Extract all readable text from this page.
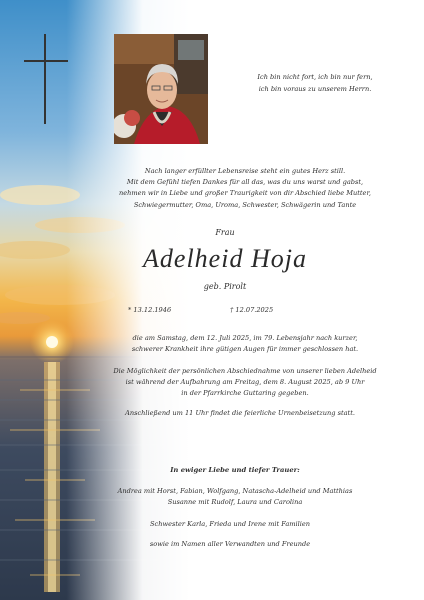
Ich bin nicht fort, ich bin nur fern,
ich bin voraus zu unserem Herrn.
Nach langer erfüllter Lebensreise steht ein gutes Herz still.
Mit dem Gefühl tiefen Dankes für all das, was du uns warst und gabst,
nehmen wir in Liebe und großer Traurigkeit von dir Abschied liebe Mutter,
Schwiegermutter, Oma, Uroma, Schwester, Schwägerin und Tante
Frau
Adelheid Hoja
geb. Pirolt
* 13.12.1946	† 12.07.2025
die am Samstag, dem 12. Juli 2025, im 79. Lebensjahr nach kurzer,
schwerer Krankheit ihre gütigen Augen für immer geschlossen hat.
Die Möglichkeit der persönlichen Abschiednahme von unserer lieben Adelheid
ist während der Aufbahrung am Freitag, dem 8. August 2025, ab 9 Uhr
in der Pfarrkirche Guttaring gegeben.
Anschließend um 11 Uhr findet die feierliche Urnenbeisetzung statt.
In ewiger Liebe und tiefer Trauer:
Andrea mit Horst, Fabian, Wolfgang, Natascha-Adelheid und Matthias
Susanne mit Rudolf, Laura und Carolina
Schwester Karla, Frieda und Irene mit Familien
sowie im Namen aller Verwandten und Freunde
